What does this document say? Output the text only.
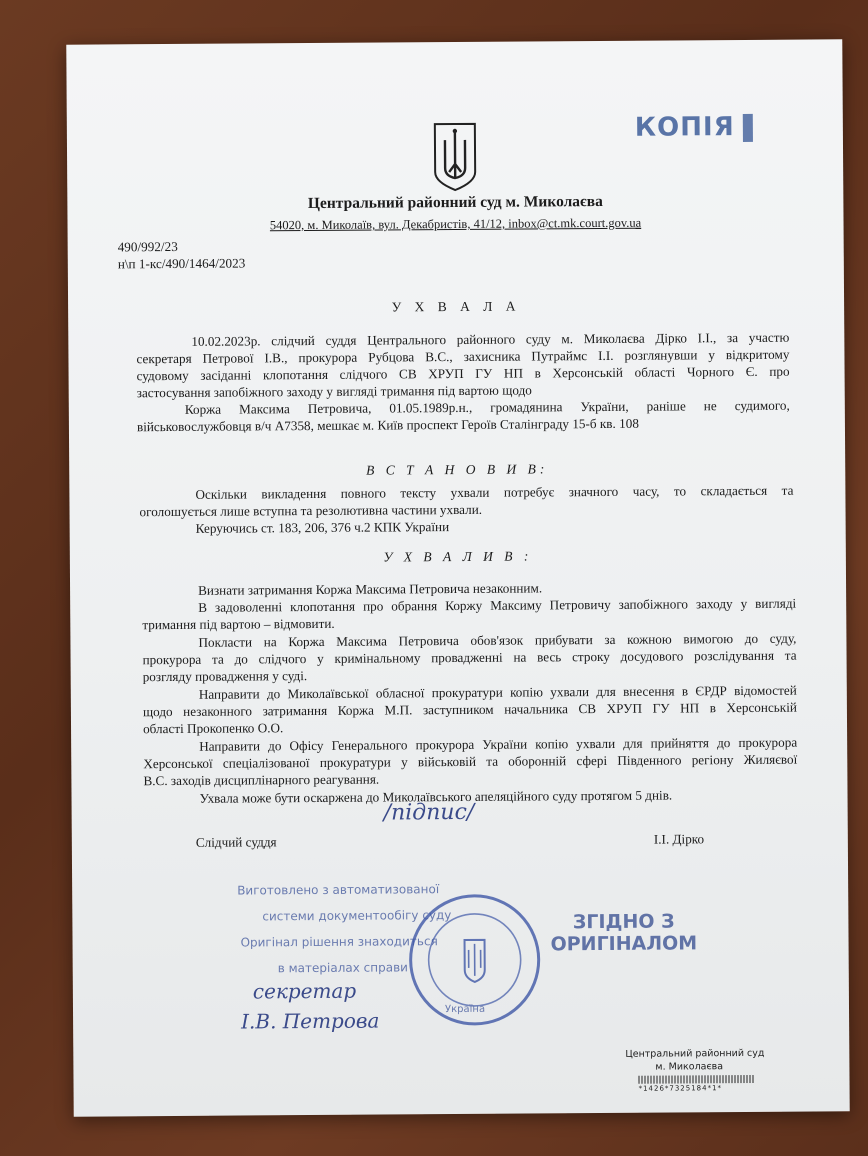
КОПІЯ
Центральний районний суд м. Миколаєва
54020, м. Миколаїв, вул. Декабристів, 41/12, inbox@ct.mk.court.gov.ua
490/992/23
н\п 1-кс/490/1464/2023
У Х В А Л А
10.02.2023р. слідчий суддя Центрального районного суду м. Миколаєва Дірко І.І., за участю
секретаря Петрової І.В., прокурора Рубцова В.С., захисника Путраймс І.І. розглянувши у відкритому
судовому засіданні клопотання слідчого СВ ХРУП ГУ НП в Херсонській області Чорного Є. про
застосування запобіжного заходу у вигляді тримання під вартою щодо
Коржа Максима Петровича, 01.05.1989р.н., громадянина України, раніше не судимого,
військовослужбовця в/ч А7358, мешкає м. Київ проспект Героїв Сталінграду 15-б кв. 108
В С Т А Н О В И В:
Оскільки викладення повного тексту ухвали потребує значного часу, то складається та
оголошується лише вступна та резолютивна частини ухвали.
Керуючись ст. 183, 206, 376 ч.2 КПК України
У Х В А Л И В :
Визнати затримання Коржа Максима Петровича незаконним.
В задоволенні клопотання про обрання Коржу Максиму Петровичу запобіжного заходу у вигляді
тримання під вартою – відмовити.
Покласти на Коржа Максима Петровича обов'язок прибувати за кожною вимогою до суду,
прокурора та до слідчого у кримінальному провадженні на весь строку досудового розслідування та
розгляду провадження у суді.
Направити до Миколаївської обласної прокуратури копію ухвали для внесення в ЄРДР відомостей
щодо незаконного затримання Коржа М.П. заступником начальника СВ ХРУП ГУ НП в Херсонській
області Прокопенко О.О.
Направити до Офісу Генерального прокурора України копію ухвали для прийняття до прокурора
Херсонської спеціалізованої прокуратури у військовій та оборонній сфері Південного регіону Жиляєвої
В.С. заходів дисциплінарного реагування.
Ухвала може бути оскаржена до Миколаївського апеляційного суду протягом 5 днів.
Слідчий суддя
/підпис/
І.І. Дірко
Виготовлено з автоматизованої
системи документообігу суду
Оригінал рішення знаходиться
в матеріалах справи
Україна
ЗГІДНО З
ОРИГІНАЛОМ
секретар
І.В. Петрова
Центральний районний суд
м. Миколаєва
*1426*7325184*1*
